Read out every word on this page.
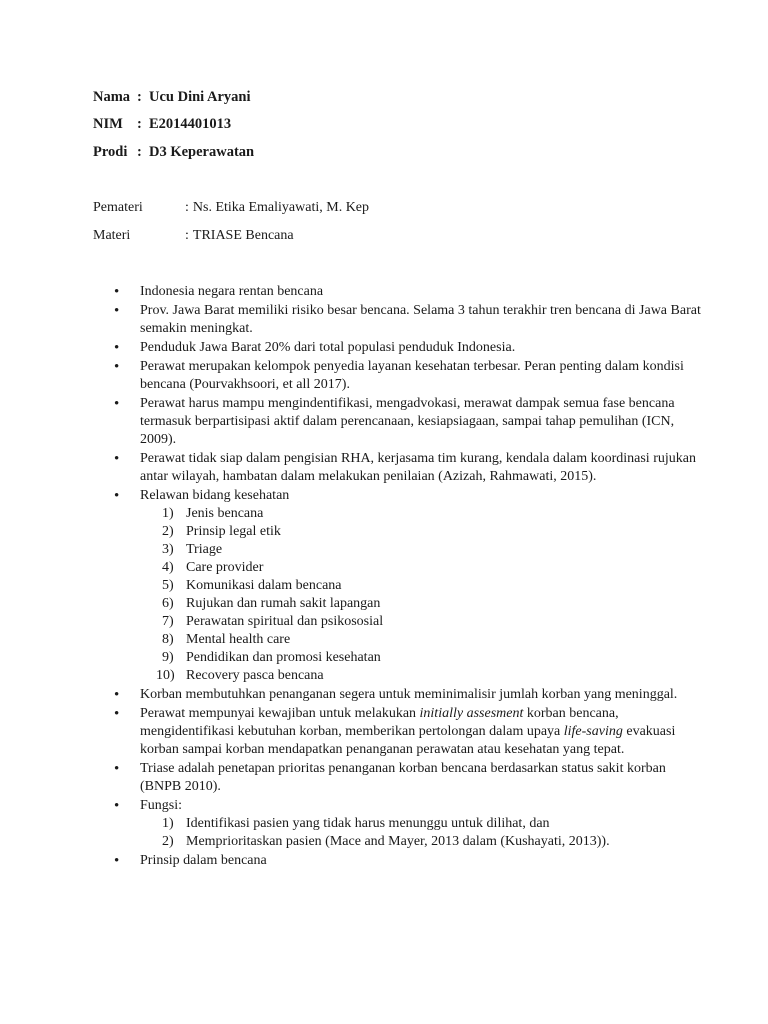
Nama : Ucu Dini Aryani
NIM : E2014401013
Prodi : D3 Keperawatan
Pemateri	: Ns. Etika Emaliyawati, M. Kep
Materi	: TRIASE Bencana
• Indonesia negara rentan bencana
• Prov. Jawa Barat memiliki risiko besar bencana. Selama 3 tahun terakhir tren bencana di Jawa Barat semakin meningkat.
• Penduduk Jawa Barat 20% dari total populasi penduduk Indonesia.
• Perawat merupakan kelompok penyedia layanan kesehatan terbesar. Peran penting dalam kondisi bencana (Pourvakhsoori, et all 2017).
• Perawat harus mampu mengindentifikasi, mengadvokasi, merawat dampak semua fase bencana termasuk berpartisipasi aktif dalam perencanaan, kesiapsiagaan, sampai tahap pemulihan (ICN, 2009).
• Perawat tidak siap dalam pengisian RHA, kerjasama tim kurang, kendala dalam koordinasi rujukan antar wilayah, hambatan dalam melakukan penilaian (Azizah, Rahmawati, 2015).
• Relawan bidang kesehatan
1) Jenis bencana
2) Prinsip legal etik
3) Triage
4) Care provider
5) Komunikasi dalam bencana
6) Rujukan dan rumah sakit lapangan
7) Perawatan spiritual dan psikososial
8) Mental health care
9) Pendidikan dan promosi kesehatan
10) Recovery pasca bencana
• Korban membutuhkan penanganan segera untuk meminimalisir jumlah korban yang meninggal.
• Perawat mempunyai kewajiban untuk melakukan initially assesment korban bencana, mengidentifikasi kebutuhan korban, memberikan pertolongan dalam upaya life-saving evakuasi korban sampai korban mendapatkan penanganan perawatan atau kesehatan yang tepat.
• Triase adalah penetapan prioritas penanganan korban bencana berdasarkan status sakit korban (BNPB 2010).
• Fungsi:
1) Identifikasi pasien yang tidak harus menunggu untuk dilihat, dan
2) Memprioritaskan pasien (Mace and Mayer, 2013 dalam (Kushayati, 2013)).
• Prinsip dalam bencana
